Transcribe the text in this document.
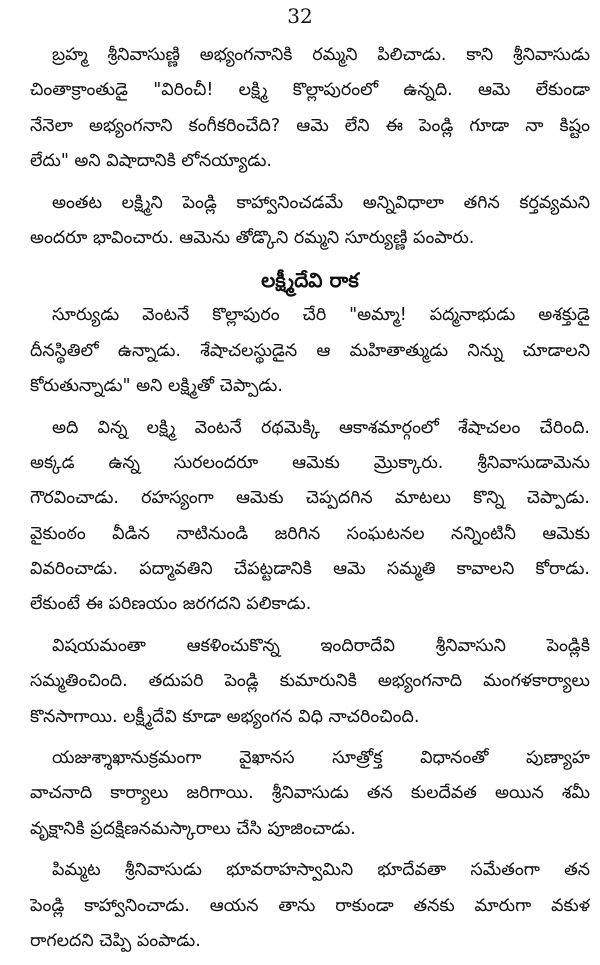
32
బ్రహ్మ శ్రీనివాసుణ్ణి అభ్యంగనానికి రమ్మని పిలిచాడు. కాని శ్రీనివాసుడు
చింతాక్రాంతుడై "విరించీ! లక్ష్మి కొల్లాపురంలో ఉన్నది. ఆమె లేకుండా
నేనెలా అభ్యంగనాని కంగీకరించేది? ఆమె లేని ఈ పెండ్లి గూడా నా కిష్టం
లేదు" అని విషాదానికి లోనయ్యాడు.
అంతట లక్ష్మిని పెండ్లి కాహ్వానించడమే అన్నివిధాలా తగిన కర్తవ్యమని
అందరూ భావించారు. ఆమెను తోడ్కొని రమ్మని సూర్యుణ్ణి పంపారు.
లక్ష్మీదేవి రాక
సూర్యుడు వెంటనే కొల్లాపురం చేరి "అమ్మా! పద్మనాభుడు అశక్తుడై
దీనస్థితిలో ఉన్నాడు. శేషాచలస్థుడైన ఆ మహితాత్ముడు నిన్ను చూడాలని
కోరుతున్నాడు" అని లక్ష్మితో చెప్పాడు.
అది విన్న లక్ష్మి వెంటనే రథమెక్కి ఆకాశమార్గంలో శేషాచలం చేరింది.
అక్కడ ఉన్న సురలందరూ ఆమెకు మ్రొక్కారు. శ్రీనివాసుడామెను
గౌరవించాడు. రహస్యంగా ఆమెకు చెప్పదగిన మాటలు కొన్ని చెప్పాడు.
వైకుంఠం వీడిన నాటినుండి జరిగిన సంఘటనల నన్నింటినీ ఆమెకు
వివరించాడు. పద్మావతిని చేపట్టడానికి ఆమె సమ్మతి కావాలని కోరాడు.
లేకుంటే ఈ పరిణయం జరగదని పలికాడు.
విషయమంతా ఆకళించుకొన్న ఇందిరాదేవి శ్రీనివాసుని పెండ్లికి
సమ్మతించింది. తదుపరి పెండ్లి కుమారునికి అభ్యంగనాది మంగళకార్యాలు
కొనసాగాయి. లక్ష్మీదేవి కూడా అభ్యంగన విధి నాచరించింది.
యజుశ్శాఖానుక్రమంగా వైఖానస సూత్రోక్త విధానంతో పుణ్యాహ
వాచనాది కార్యాలు జరిగాయి. శ్రీనివాసుడు తన కులదేవత అయిన శమీ
వృక్షానికి ప్రదక్షిణనమస్కారాలు చేసి పూజించాడు.
పిమ్మట శ్రీనివాసుడు భూవరాహస్వామిని భూదేవతా సమేతంగా తన
పెండ్లి కాహ్వానించాడు. ఆయన తాను రాకుండా తనకు మారుగా వకుళ
రాగలదని చెప్పి పంపాడు.
